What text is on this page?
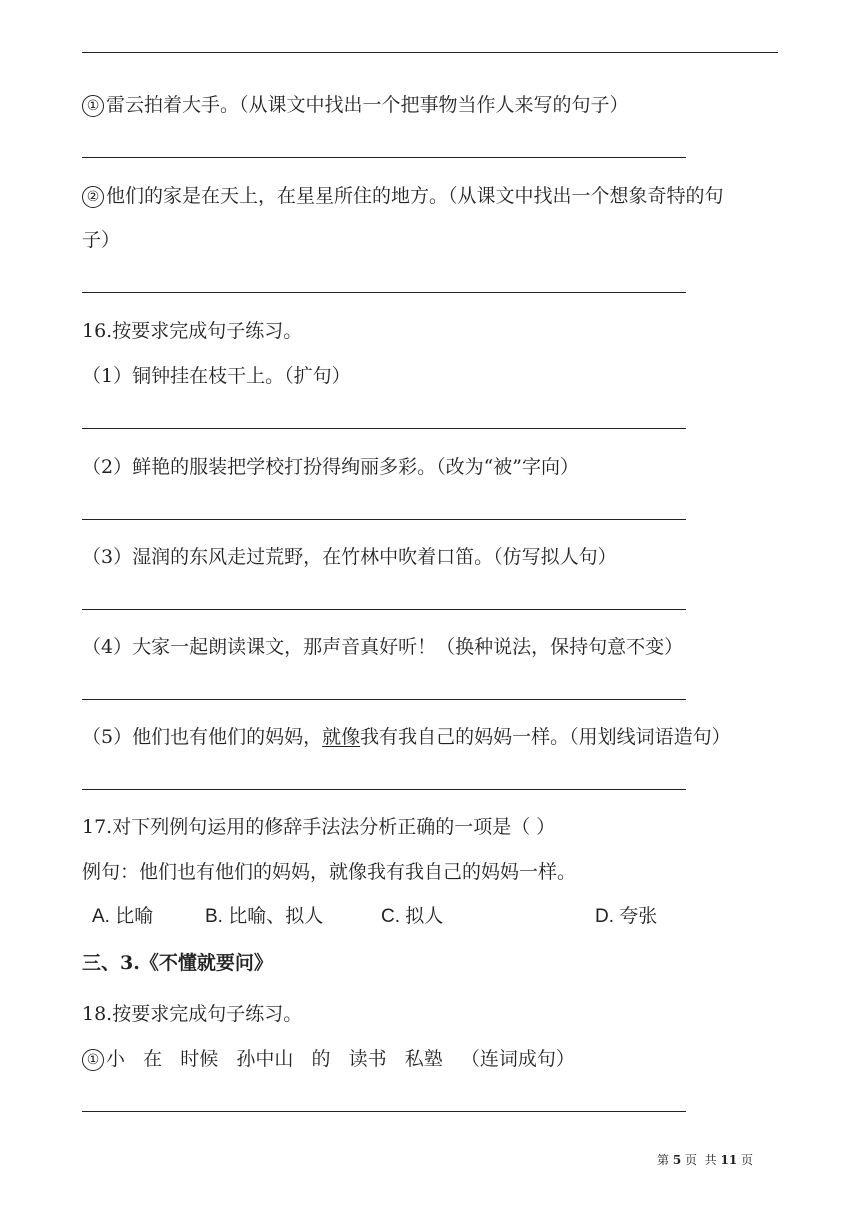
① 雷云拍着大手。（从课文中找出一个把事物当作人来写的句子）
② 他们的家是在天上，在星星所住的地方。（从课文中找出一个想象奇特的句
子）
16.按要求完成句子练习。
（1）铜钟挂在枝干上。（扩句）
（2）鲜艳的服装把学校打扮得绚丽多彩。（改为“被”字向）
（3）湿润的东风走过荒野，在竹林中吹着口笛。（仿写拟人句）
（4）大家一起朗读课文，那声音真好听！（换种说法，保持句意不变）
（5）他们也有他们的妈妈，就像我有我自己的妈妈一样。（用划线词语造句）
17.对下列例句运用的修辞手法法分析正确的一项是（ ）
例句：他们也有他们的妈妈，就像我有我自己的妈妈一样。
A. 比喻	B. 比喻、拟人	C. 拟人	D. 夸张
三、3.《不懂就要问》
18.按要求完成句子练习。
① 小   在   时候   孙中山   的   读书   私塾   （连词成句）
第 5 页  共 11 页
